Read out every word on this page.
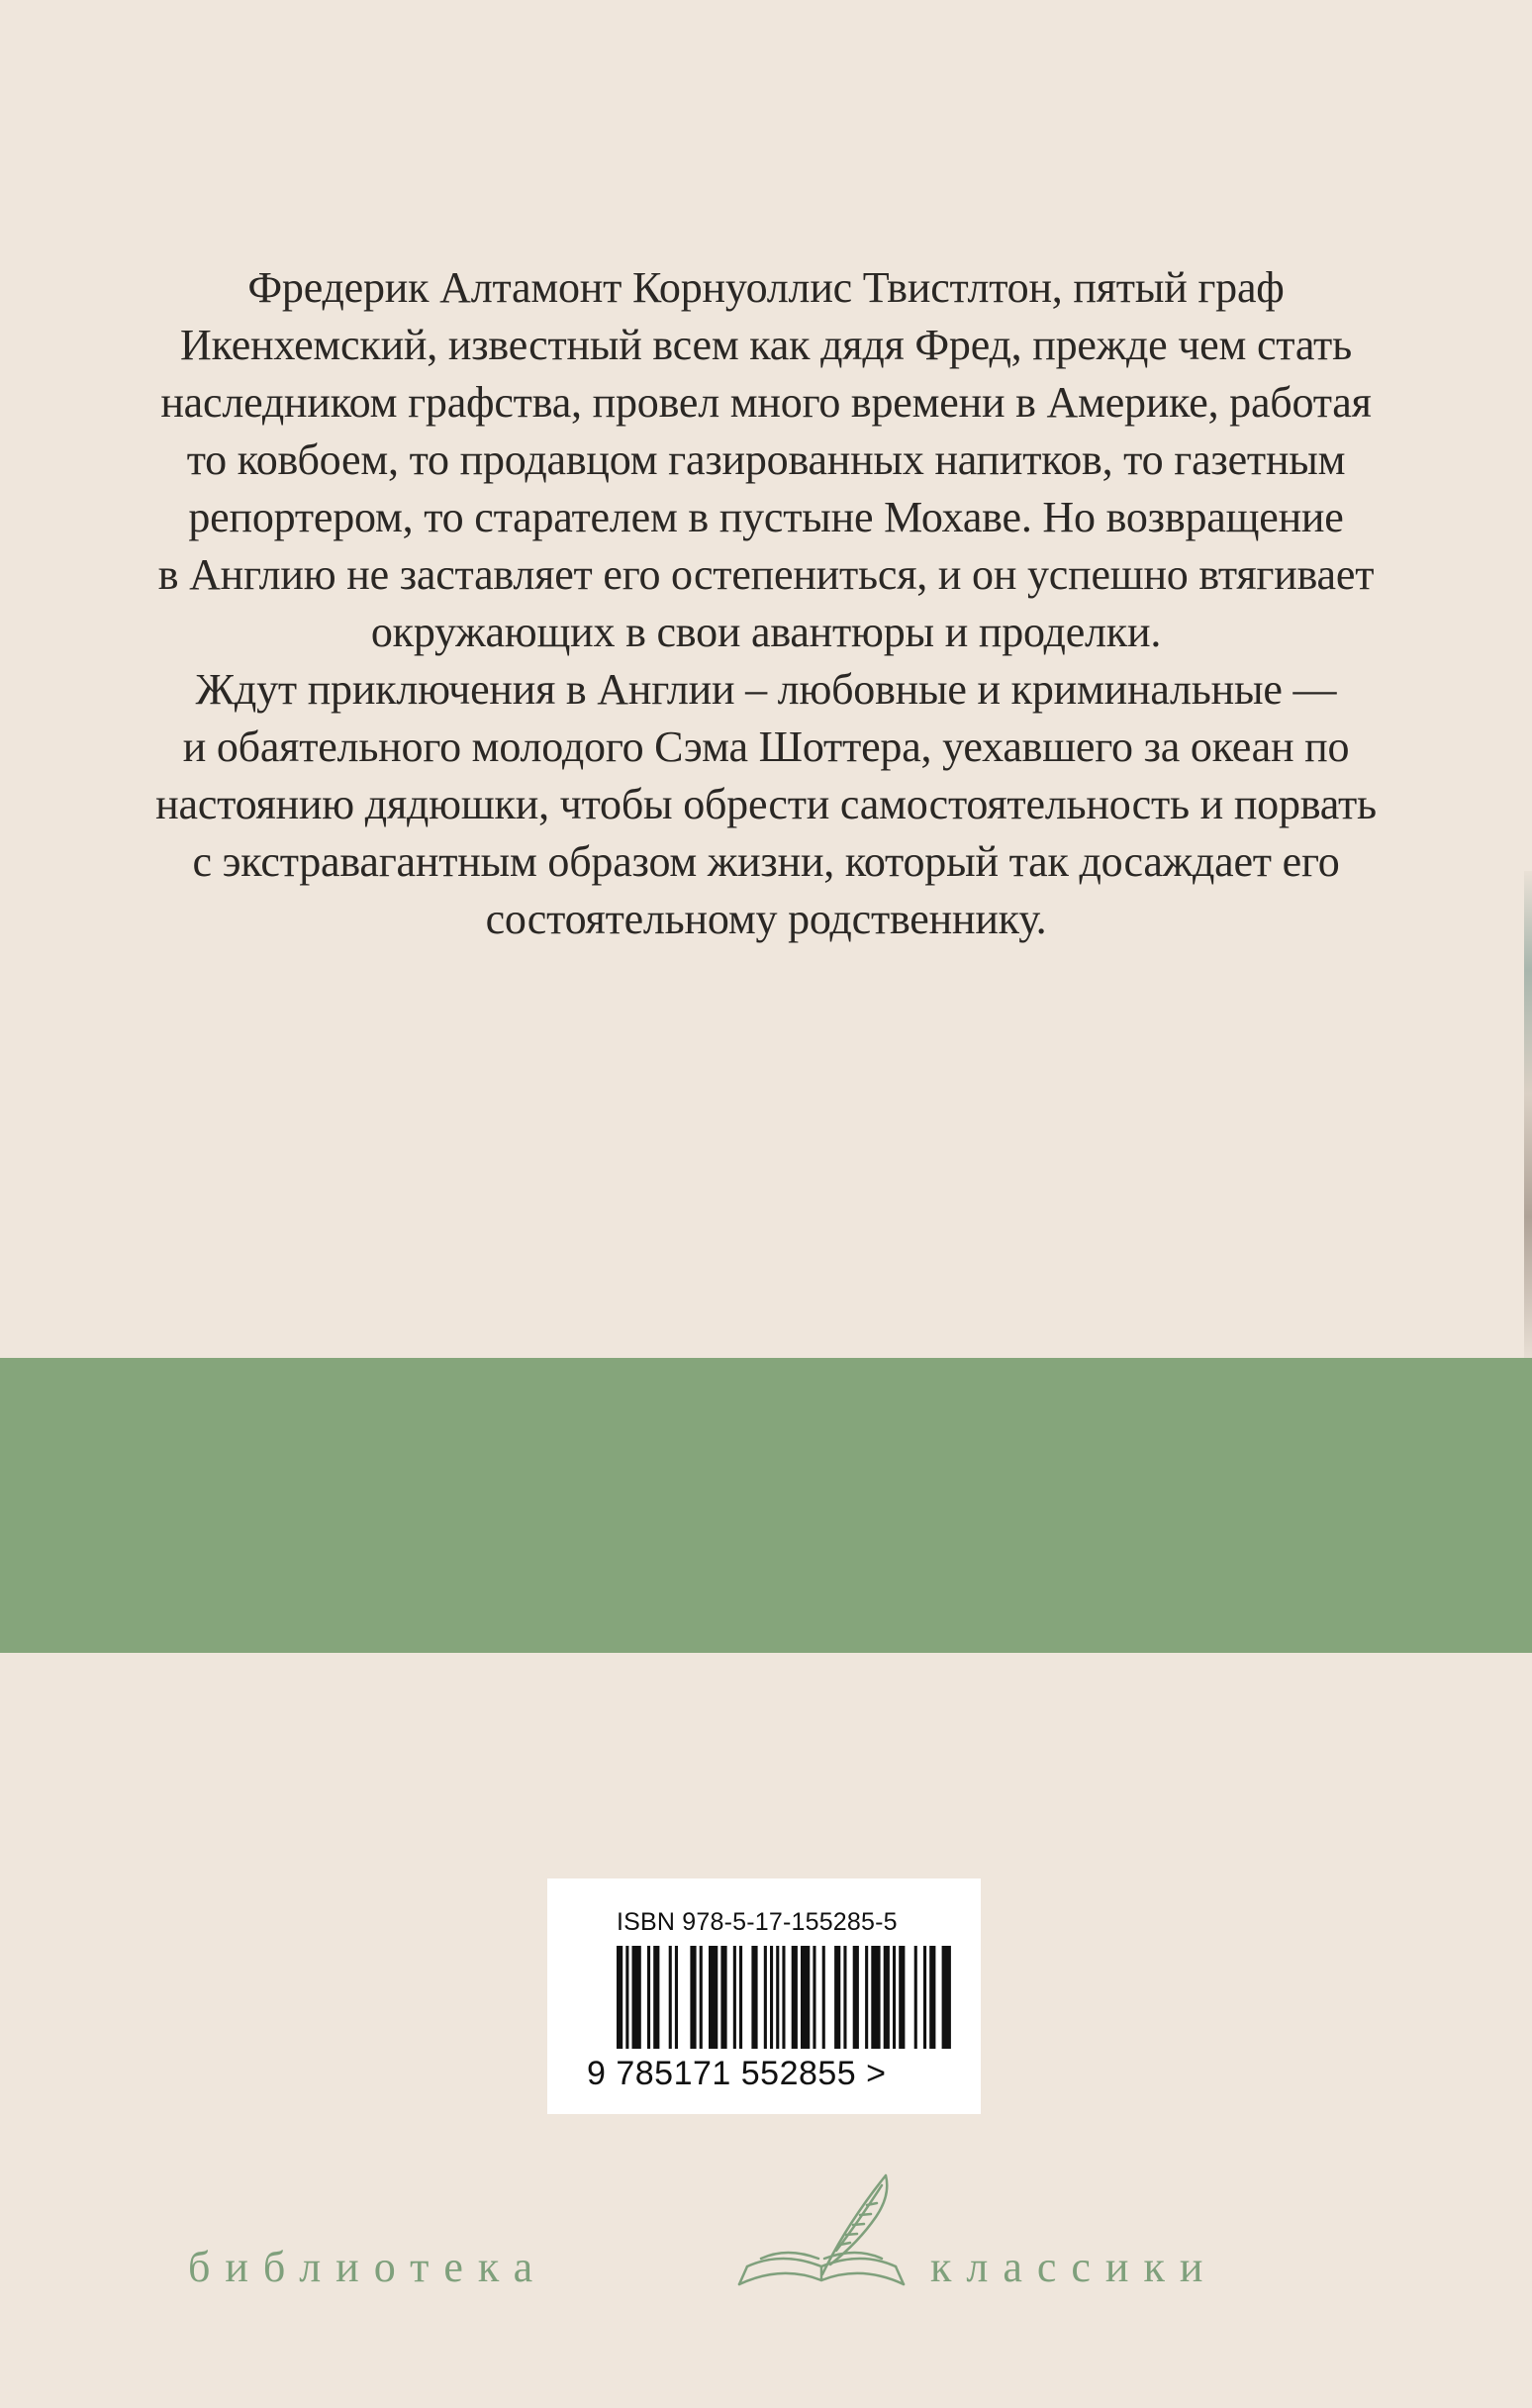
Фредерик Алтамонт Корнуоллис Твистлтон, пятый граф
Икенхемский, известный всем как дядя Фред, прежде чем стать
наследником графства, провел много времени в Америке, работая
то ковбоем, то продавцом газированных напитков, то газетным
репортером, то старателем в пустыне Мохаве. Но возвращение
в Англию не заставляет его остепениться, и он успешно втягивает
окружающих в свои авантюры и проделки.
Ждут приключения в Англии – любовные и криминальные —
и обаятельного молодого Сэма Шоттера, уехавшего за океан по
настоянию дядюшки, чтобы обрести самостоятельность и порвать
с экстравагантным образом жизни, который так досаждает его
состоятельному родственнику.
ISBN 978-5-17-155285-5
9 785171 552855 >
библиотека	классики
